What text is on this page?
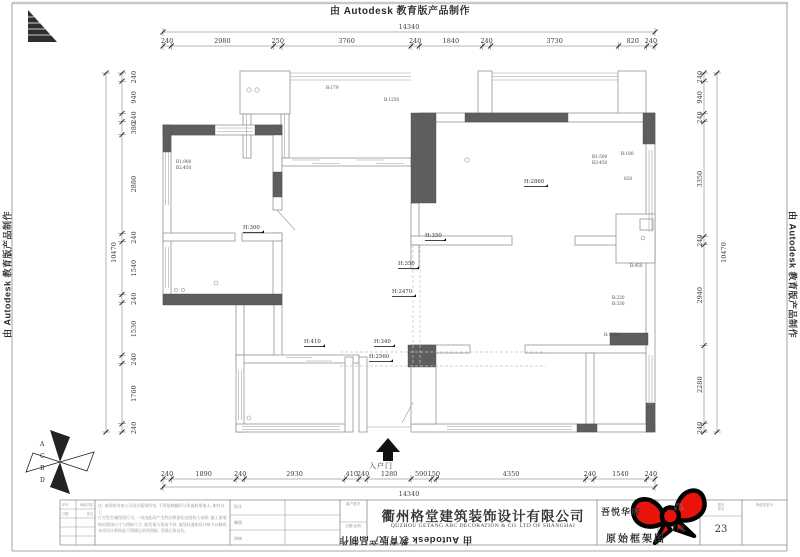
A
C
B
D
240	2980	250	3760	240	1840	240	3730	820 240
14340
240	1890	240	2930	410
240 1280	590 150	4350	240 1540 240
14340
240
940
240
380
2880
240
1540
240
1530
240
1760
240
10470
240
940
240
3350
240
2940
2280
240
10470
由 Autodesk 教育版产品制作
由 Autodesk 教育版产品制作	由 Autodesk 教育版产品制作
由 Autodesk 教育版产品制作
B:179
B:1250
B1:900
B2:450
H:300
H:350
H:350
H:2470
H:410	H:340
H:2560
H:2860
B1:500
B3:450
B:180
820
B:450
B:220
B:330
B:1300
入户门
序号	修改内容
日期	签名
注: 本图纸为本公司设计版权所有, 不得复制翻印分发或转借他人, 如有以上
行为发生属侵权行为, 一切由此而产生的法律责任由侵权人承担; 施工前请
核对现场尺寸与图纸尺寸, 如发现与现场不符, 请及时通知设计师予以修改,
未经设计师同意不得擅自更改图纸, 否则后果自负。
设计
制图
审核
客户签字
日期 比例
衢州格堂建筑装饰设计有限公司
QUZHOU GETANG ABC DECORATION & CO. LTD OF SHANGHAI
吾悦华府
原始框架图
图别
施工图
图号
张次
修改变更号
04	23
